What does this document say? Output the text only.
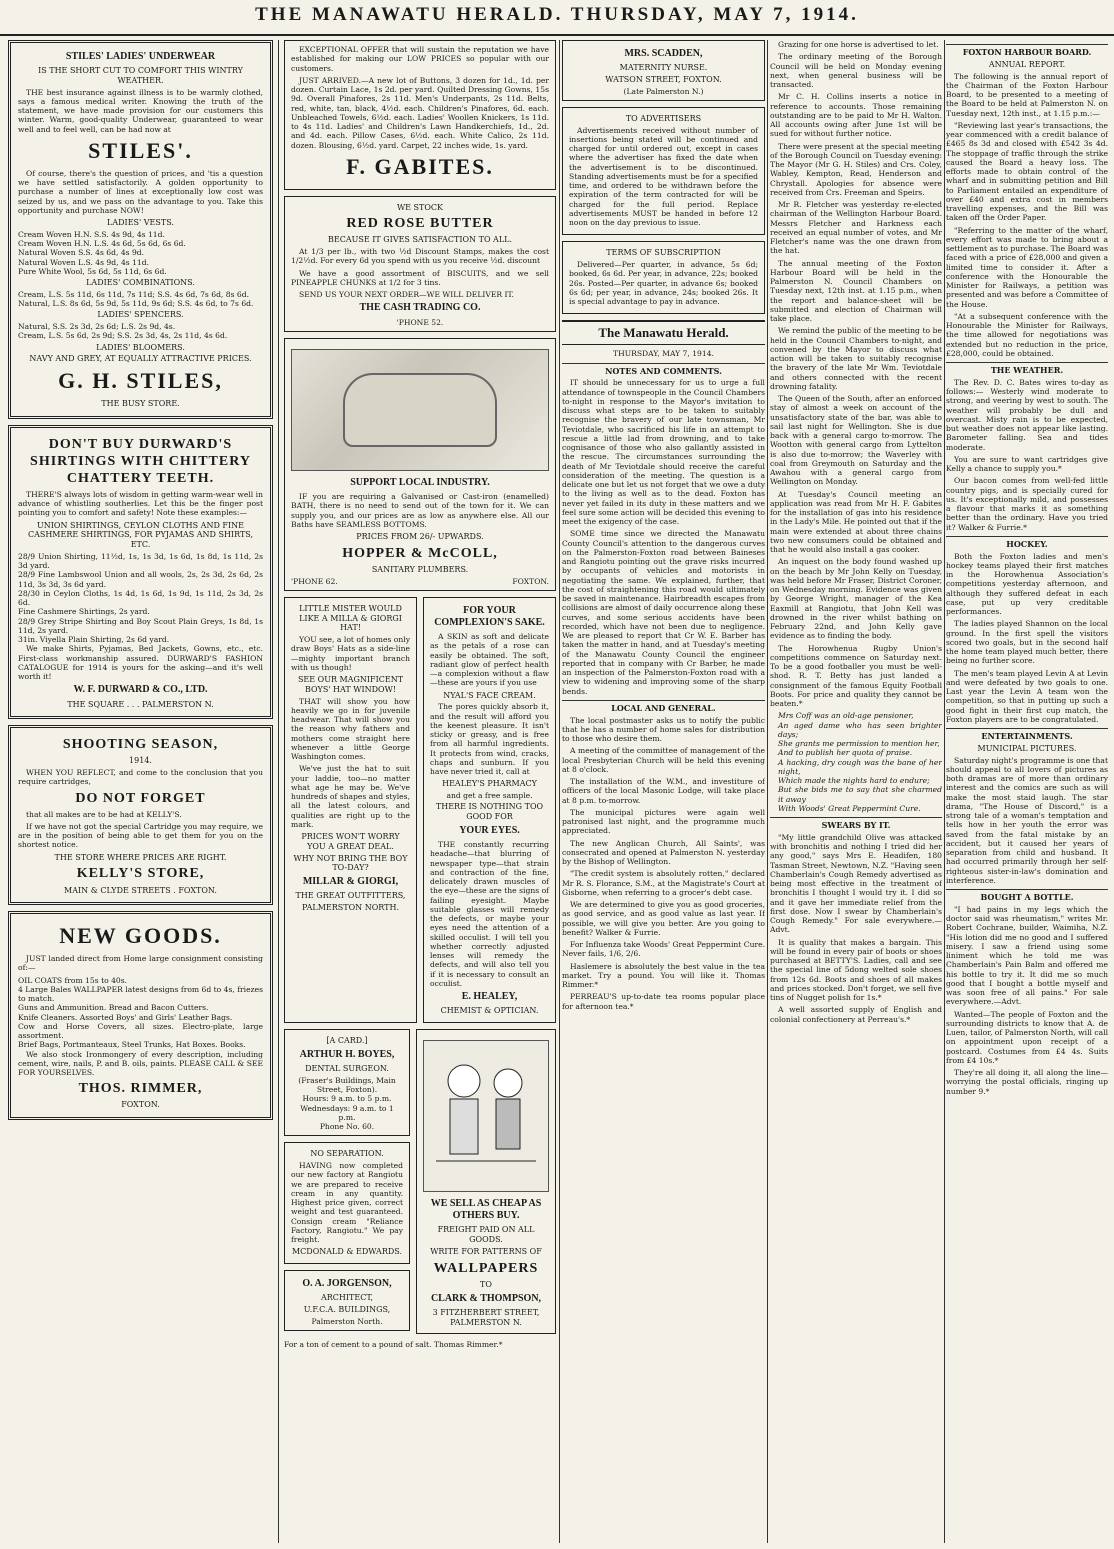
THE MANAWATU HERALD. THURSDAY, MAY 7, 1914.
STILES' LADIES' UNDERWEAR
IS THE SHORT CUT TO COMFORT THIS WINTRY WEATHER.

THE best insurance against illness is to be warmly clothed, says a famous medical writer. Knowing the truth of the statement, we have made provision for our customers this winter. Warm, good-quality Underwear, guaranteed to wear well and to feel well, can be had now at

STILES'.

Of course, there's the question of prices, and 'tis a question we have settled satisfactorily. A golden opportunity to purchase a number of lines at exceptionally low cost was seized by us, and we pass on the advantage to you. Take this opportunity and purchase NOW!

LADIES' VESTS.
Cream Woven H.N. S.S. 4s 9d, 4s 11d.
Cream Woven H.N. L.S. 4s 6d, 5s 6d, 6s 6d.
Natural Woven S.S. 4s 6d, 4s 9d.
Natural Woven L.S. 4s 9d, 4s 11d.
Pure White Wool, 5s 6d, 5s 11d, 6s 6d.
LADIES' COMBINATIONS.
Cream, L.S. 5s 11d, 6s 11d, 7s 11d; S.S. 4s 6d, 7s 6d, 8s 6d.
Natural, L.S. 8s 6d, 5s 9d, 5s 11d, 9s 6d; S.S. 4s 6d, to 7s 6d.
LADIES' SPENCERS.
Natural, S.S. 2s 3d, 2s 6d; L.S. 2s 9d, 4s.
Cream, L.S. 5s 6d, 2s 9d; S.S. 2s 3d, 4s, 2s 11d, 4s 6d.
LADIES' BLOOMERS.
NAVY AND GREY, AT EQUALLY ATTRACTIVE PRICES.
G. H. STILES,
THE BUSY STORE.
DON'T BUY DURWARD'S SHIRTINGS WITH CHITTERY CHATTERY TEETH.

THERE'S always lots of wisdom in getting warm-wear well in advance of whistling southerlies. Let this be the finger post pointing you to comfort and safety! Note these examples:—

UNION SHIRTINGS, CEYLON CLOTHS AND FINE CASHMERE SHIRTINGS, FOR PYJAMAS AND SHIRTS, ETC.
28/9 Union Shirting, 11½d, 1s, 1s 3d, 1s 6d, 1s 8d, 1s 11d, 2s 3d yard.
28/9 Fine Lambswool Union and all wools, 2s, 2s 3d, 2s 6d, 2s 11d, 3s 3d, 3s 6d yard.
28/30 in Ceylon Cloths, 1s 4d, 1s 6d, 1s 9d, 1s 11d, 2s 3d, 2s 6d.
Fine Cashmere Shirtings, 2s yard.
28/9 Grey Stripe Shirting and Boy Scout Plain Greys, 1s 8d, 1s 11d, 2s yard.
31in. Viyella Plain Shirting, 2s 6d yard.

We make Shirts, Pyjamas, Bed Jackets, Gowns, etc., etc. First-class workmanship assured. DURWARD'S FASHION CATALOGUE for 1914 is yours for the asking—and it's well worth it!

W. F. DURWARD & CO., LTD.
THE SQUARE . . . PALMERSTON N.
SHOOTING SEASON,
1914.

WHEN YOU REFLECT, and come to the conclusion that you require cartridges,

DO NOT FORGET

that all makes are to be had at KELLY'S.

If we have not got the special Cartridge you may require, we are in the position of being able to get them for you on the shortest notice.

THE STORE WHERE PRICES ARE RIGHT.
KELLY'S STORE,
MAIN & CLYDE STREETS . FOXTON.
NEW GOODS.

JUST landed direct from Home large consignment consisting of:—

OIL COATS from 15s to 40s.
4 Large Bales WALLPAPER latest designs from 6d to 4s, friezes to match.
Guns and Ammunition. Bread and Bacon Cutters.
Knife Cleaners. Assorted Boys' and Girls' Leather Bags.
Cow and Horse Covers, all sizes. Electro-plate, large assortment.
Brief Bags, Portmanteaux, Steel Trunks, Hat Boxes. Books.

We also stock Ironmongery of every description, including cement, wire, nails, P. and B. oils, paints. PLEASE CALL & SEE FOR YOURSELVES.

THOS. RIMMER,
FOXTON.

EXCEPTIONAL OFFER that will sustain the reputation we have established for making our LOW PRICES so popular with our customers.

JUST ARRIVED.—A new lot of Buttons, 3 dozen for 1d., 1d. per dozen. Curtain Lace, 1s 2d. per yard. Quilted Dressing Gowns, 15s 9d. Overall Pinafores, 2s 11d. Men's Underpants, 2s 11d. Belts, red, white, tan, black, 4½d. each. Children's Pinafores, 6d. each. Unbleached Towels, 6½d. each. Ladies' Woollen Knickers, 1s 11d. to 4s 11d. Ladies' and Children's Lawn Handkerchiefs, 1d., 2d. and 4d. each. Pillow Cases, 6½d. each. White Calico, 2s 11d. dozen. Blousing, 6½d. yard. Carpet, 22 inches wide, 1s. yard.

F. GABITES.
WE STOCK
RED ROSE BUTTER
BECAUSE IT GIVES SATISFACTION TO ALL.

At 1/3 per lb., with two ½d Discount Stamps, makes the cost 1/2½d. For every 6d you spend with us you receive ½d. discount

We have a good assortment of BISCUITS, and we sell PINEAPPLE CHUNKS at 1/2 for 3 tins.

SEND US YOUR NEXT ORDER—WE WILL DELIVER IT.

THE CASH TRADING CO.
'PHONE 52.
SUPPORT LOCAL INDUSTRY.

IF you are requiring a Galvanised or Cast-iron (enamelled) BATH, there is no need to send out of the town for it. We can supply you, and our prices are as low as anywhere else. All our Baths have SEAMLESS BOTTOMS.

PRICES FROM 26/- UPWARDS.
HOPPER & McCOLL,
SANITARY PLUMBERS.
'PHONE 62.	FOXTON.
LITTLE MISTER WOULD LIKE A MILLA & GIORGI HAT!

YOU see, a lot of homes only draw Boys' Hats as a side-line—mighty important branch with us though!

SEE OUR MAGNIFICENT BOYS' HAT WINDOW!

THAT will show you how heavily we go in for juvenile headwear. That will show you the reason why fathers and mothers come straight here whenever a little George Washington comes.

We've just the hat to suit your laddie, too—no matter what age he may be. We've hundreds of shapes and styles, all the latest colours, and qualities are right up to the mark.

PRICES WON'T WORRY YOU A GREAT DEAL.
WHY NOT BRING THE BOY TO-DAY?
MILLAR & GIORGI,
THE GREAT OUTFITTERS,
PALMERSTON NORTH.
FOR YOUR COMPLEXION'S SAKE.

A SKIN as soft and delicate as the petals of a rose can easily be obtained. The soft, radiant glow of perfect health—a complexion without a flaw—these are yours if you use

NYAL'S FACE CREAM.

The pores quickly absorb it, and the result will afford you the keenest pleasure. It isn't sticky or greasy, and is free from all harmful ingredients. It protects from wind, cracks, chaps and sunburn. If you have never tried it, call at

HEALEY'S PHARMACY
and get a free sample.
THERE IS NOTHING TOO GOOD FOR
YOUR EYES.

THE constantly recurring headache—that blurring of newspaper type—that strain and contraction of the fine, delicately drawn muscles of the eye—these are the signs of failing eyesight. Maybe suitable glasses will remedy the defects, or maybe your eyes need the attention of a skilled occulist. I will tell you whether correctly adjusted lenses will remedy the defects, and will also tell you if it is necessary to consult an occulist.

E. HEALEY,
CHEMIST & OPTICIAN.
[A CARD.]
ARTHUR H. BOYES,
DENTAL SURGEON.
(Fraser's Buildings, Main Street, Foxton).
Hours: 9 a.m. to 5 p.m. Wednesdays: 9 a.m. to 1 p.m.
Phone No. 60.
NO SEPARATION.

HAVING now completed our new factory at Rangiotu we are prepared to receive cream in any quantity. Highest price given, correct weight and test guaranteed. Consign cream "Reliance Factory, Rangiotu." We pay freight.

MCDONALD & EDWARDS.
O. A. JORGENSON,
ARCHITECT,
U.F.C.A. BUILDINGS,
Palmerston North.
WE SELL AS CHEAP AS OTHERS BUY.
FREIGHT PAID ON ALL GOODS.
WRITE FOR PATTERNS OF
WALLPAPERS
TO
CLARK & THOMPSON,
3 FITZHERBERT STREET, PALMERSTON N.
For a ton of cement to a pound of salt. Thomas Rimmer.*
MRS. SCADDEN,
MATERNITY NURSE.
WATSON STREET, FOXTON.
(Late Palmerston N.)
TO ADVERTISERS

Advertisements received without number of insertions being stated will be continued and charged for until ordered out, except in cases where the advertiser has fixed the date when the advertisement is to be discontinued. Standing advertisements must be for a specified time, and ordered to be withdrawn before the expiration of the term contracted for will be charged for the full period. Replace advertisements MUST be handed in before 12 noon on the day previous to issue.

TERMS OF SUBSCRIPTION

Delivered—Per quarter, in advance, 5s 6d; booked, 6s 6d. Per year, in advance, 22s; booked 26s. Posted—Per quarter, in advance 6s; booked 6s 6d; per year, in advance, 24s; booked 26s. It is special advantage to pay in advance.

The Manawatu Herald.
THURSDAY, MAY 7, 1914.
NOTES AND COMMENTS.

IT should be unnecessary for us to urge a full attendance of townspeople in the Council Chambers to-night in response to the Mayor's invitation to discuss what steps are to be taken to suitably recognise the bravery of our late townsman, Mr Teviotdale, who sacrificed his life in an attempt to rescue a little lad from drowning, and to take cognisance of those who also gallantly assisted in the rescue. The circumstances surrounding the death of Mr Teviotdale should receive the careful consideration of the meeting. The question is a delicate one but let us not forget that we owe a duty to the living as well as to the dead. Foxton has never yet failed in its duty in these matters and we feel sure some action will be decided this evening to meet the exigency of the case.

SOME time since we directed the Manawatu County Council's attention to the dangerous curves on the Palmerston-Foxton road between Baineses and Rangiotu pointing out the grave risks incurred by occupants of vehicles and motorists in negotiating the same. We explained, further, that the cost of straightening this road would ultimately be saved in maintenance. Hairbreadth escapes from collisions are almost of daily occurrence along these curves, and some serious accidents have been recorded, which have not been due to negligence. We are pleased to report that Cr W. E. Barber has taken the matter in hand, and at Tuesday's meeting of the Manawatu County Council the engineer reported that in company with Cr Barber, he made an inspection of the Palmerston-Foxton road with a view to widening and improving some of the sharp bends.

LOCAL AND GENERAL.

The local postmaster asks us to notify the public that he has a number of home sales for distribution to those who desire them.

A meeting of the committee of management of the local Presbyterian Church will be held this evening at 8 o'clock.

The installation of the W.M., and investiture of officers of the local Masonic Lodge, will take place at 8 p.m. to-morrow.

The municipal pictures were again well patronised last night, and the programme much appreciated.

The new Anglican Church, All Saints', was consecrated and opened at Palmerston N. yesterday by the Bishop of Wellington.

"The credit system is absolutely rotten," declared Mr R. S. Florance, S.M., at the Magistrate's Court at Gisborne, when referring to a grocer's debt case.

We are determined to give you as good groceries, as good service, and as good value as last year. If possible, we will give you better. Are you going to benefit? Walker & Furrie.

For Influenza take Woods' Great Peppermint Cure. Never fails, 1/6, 2/6.

Haslemere is absolutely the best value in the tea market. Try a pound. You will like it. Thomas Rimmer.*

PERREAU'S up-to-date tea rooms popular place for afternoon tea.*

Grazing for one horse is advertised to let.

The ordinary meeting of the Borough Council will be held on Monday evening next, when general business will be transacted.

Mr C. H. Collins inserts a notice in reference to accounts. Those remaining outstanding are to be paid to Mr H. Walton. All accounts owing after June 1st will be sued for without further notice.

There were present at the special meeting of the Borough Council on Tuesday evening: The Mayor (Mr G. H. Stiles) and Crs. Coley, Wabley, Kempton, Read, Henderson and Chrystall. Apologies for absence were received from Crs. Freeman and Speirs.

Mr R. Fletcher was yesterday re-elected chairman of the Wellington Harbour Board. Messrs Fletcher and Harkness each received an equal number of votes, and Mr Fletcher's name was the one drawn from the hat.

The annual meeting of the Foxton Harbour Board will be held in the Palmerston N. Council Chambers on Tuesday next, 12th inst. at 1.15 p.m., when the report and balance-sheet will be submitted and election of Chairman will take place.

We remind the public of the meeting to be held in the Council Chambers to-night, and convened by the Mayor to discuss what action will be taken to suitably recognise the bravery of the late Mr Wm. Teviotdale and others connected with the recent drowning fatality.

The Queen of the South, after an enforced stay of almost a week on account of the unsatisfactory state of the bar, was able to sail last night for Wellington. She is due back with a general cargo to-morrow. The Wootton with general cargo from Lyttelton is also due to-morrow; the Waverley with coal from Greymouth on Saturday and the Awahou with a general cargo from Wellington on Monday.

At Tuesday's Council meeting an application was read from Mr H. F. Gabites for the installation of gas into his residence in the Lady's Mile. He pointed out that if the main were extended at about three chains two new consumers could be obtained and that he would also install a gas cooker.

An inquest on the body found washed up on the beach by Mr John Kelly on Tuesday, was held before Mr Fraser, District Coroner, on Wednesday morning. Evidence was given by George Wright, manager of the Kea Eaxmill at Rangiotu, that John Kell was drowned in the river whilst bathing on February 22nd, and John Kelly gave evidence as to finding the body.

The Horowhenua Rugby Union's competitions commence on Saturday next. To be a good footballer you must be well-shod. R. T. Betty has just landed a consignment of the famous Equity Football Boots. For price and quality they cannot be beaten.*

Mrs Coff was an old-age pensioner,
An aged dame who has seen brighter days;
She grants me permission to mention her,
And to publish her quota of praise.
A hacking, dry cough was the bane of her night,
Which made the nights hard to endure;
But she bids me to say that she charmed it away
With Woods' Great Peppermint Cure.
SWEARS BY IT.

"My little grandchild Olive was attacked with bronchitis and nothing I tried did her any good," says Mrs E. Headifen, 180 Tasman Street, Newtown, N.Z. "Having seen Chamberlain's Cough Remedy advertised as being most effective in the treatment of bronchitis I thought I would try it. I did so and it gave her immediate relief from the first dose. Now I swear by Chamberlain's Cough Remedy." For sale everywhere.—Advt.

It is quality that makes a bargain. This will be found in every pair of boots or shoes purchased at BETTY'S. Ladies, call and see the special line of 5dong welted sole shoes from 12s 6d. Boots and shoes of all makes and prices stocked. Don't forget, we sell five tins of Nugget polish for 1s.*

A well assorted supply of English and colonial confectionery at Perreau's.*

FOXTON HARBOUR BOARD.
ANNUAL REPORT.

The following is the annual report of the Chairman of the Foxton Harbour Board, to be presented to a meeting of the Board to be held at Palmerston N. on Tuesday next, 12th inst., at 1.15 p.m.:—

"Reviewing last year's transactions, the year commenced with a credit balance of £465 8s 3d and closed with £542 3s 4d. The stoppage of traffic through the strike caused the Board a heavy loss. The efforts made to obtain control of the wharf and in submitting petition and Bill to Parliament entailed an expenditure of over £40 and extra cost in members travelling expenses, and the Bill was taken off the Order Paper.

"Referring to the matter of the wharf, every effort was made to bring about a settlement as to purchase. The Board was faced with a price of £28,000 and given a limited time to consider it. After a conference with the Honourable the Minister for Railways, a petition was presented and was before a Committee of the House.

"At a subsequent conference with the Honourable the Minister for Railways, the time allowed for negotiations was extended but no reduction in the price, £28,000, could be obtained.

THE WEATHER.

The Rev. D. C. Bates wires to-day as follows:— Westerly wind moderate to strong, and veering by west to south. The weather will probably be dull and overcast. Misty rain is to be expected, but weather does not appear like lasting. Barometer falling. Sea and tides moderate.

You are sure to want cartridges give Kelly a chance to supply you.*

Our bacon comes from well-fed little country pigs, and is specially cured for us. It's exceptionally mild, and possesses a flavour that marks it as something better than the ordinary. Have you tried it? Walker & Furrie.*

HOCKEY.

Both the Foxton ladies and men's hockey teams played their first matches in the Horowhenua Association's competitions yesterday afternoon, and although they suffered defeat in each case, put up very creditable performances.

The ladies played Shannon on the local ground. In the first spell the visitors scored two goals, but in the second half the home team played much better, there being no further score.

The men's team played Levin A at Levin and were defeated by two goals to one. Last year the Levin A team won the competition, so that in putting up such a good fight in their first cup match, the Foxton players are to be congratulated.

ENTERTAINMENTS.
MUNICIPAL PICTURES.

Saturday night's programme is one that should appeal to all lovers of pictures as both dramas are of more than ordinary interest and the comics are such as will make the most staid laugh. The star drama, "The House of Discord," is a strong tale of a woman's temptation and tells how in her youth the error was saved from the fatal mistake by an accident, but it caused her years of separation from child and husband. It had occurred primarily through her self-righteous sister-in-law's domination and interference.

BOUGHT A BOTTLE.

"I had pains in my legs which the doctor said was rheumatism," writes Mr. Robert Cochrane, builder, Waimiha, N.Z. "His lotion did me no good and I suffered misery. I saw a friend using some liniment which he told me was Chamberlain's Pain Balm and offered me his bottle to try it. It did me so much good that I bought a bottle myself and was soon free of all pains." For sale everywhere.—Advt.

Wanted—The people of Foxton and the surrounding districts to know that A. de Luen, tailor, of Palmerston North, will call on appointment upon receipt of a postcard. Costumes from £4 4s. Suits from £4 10s.*

They're all doing it, all along the line—worrying the postal officials, ringing up number 9.*
